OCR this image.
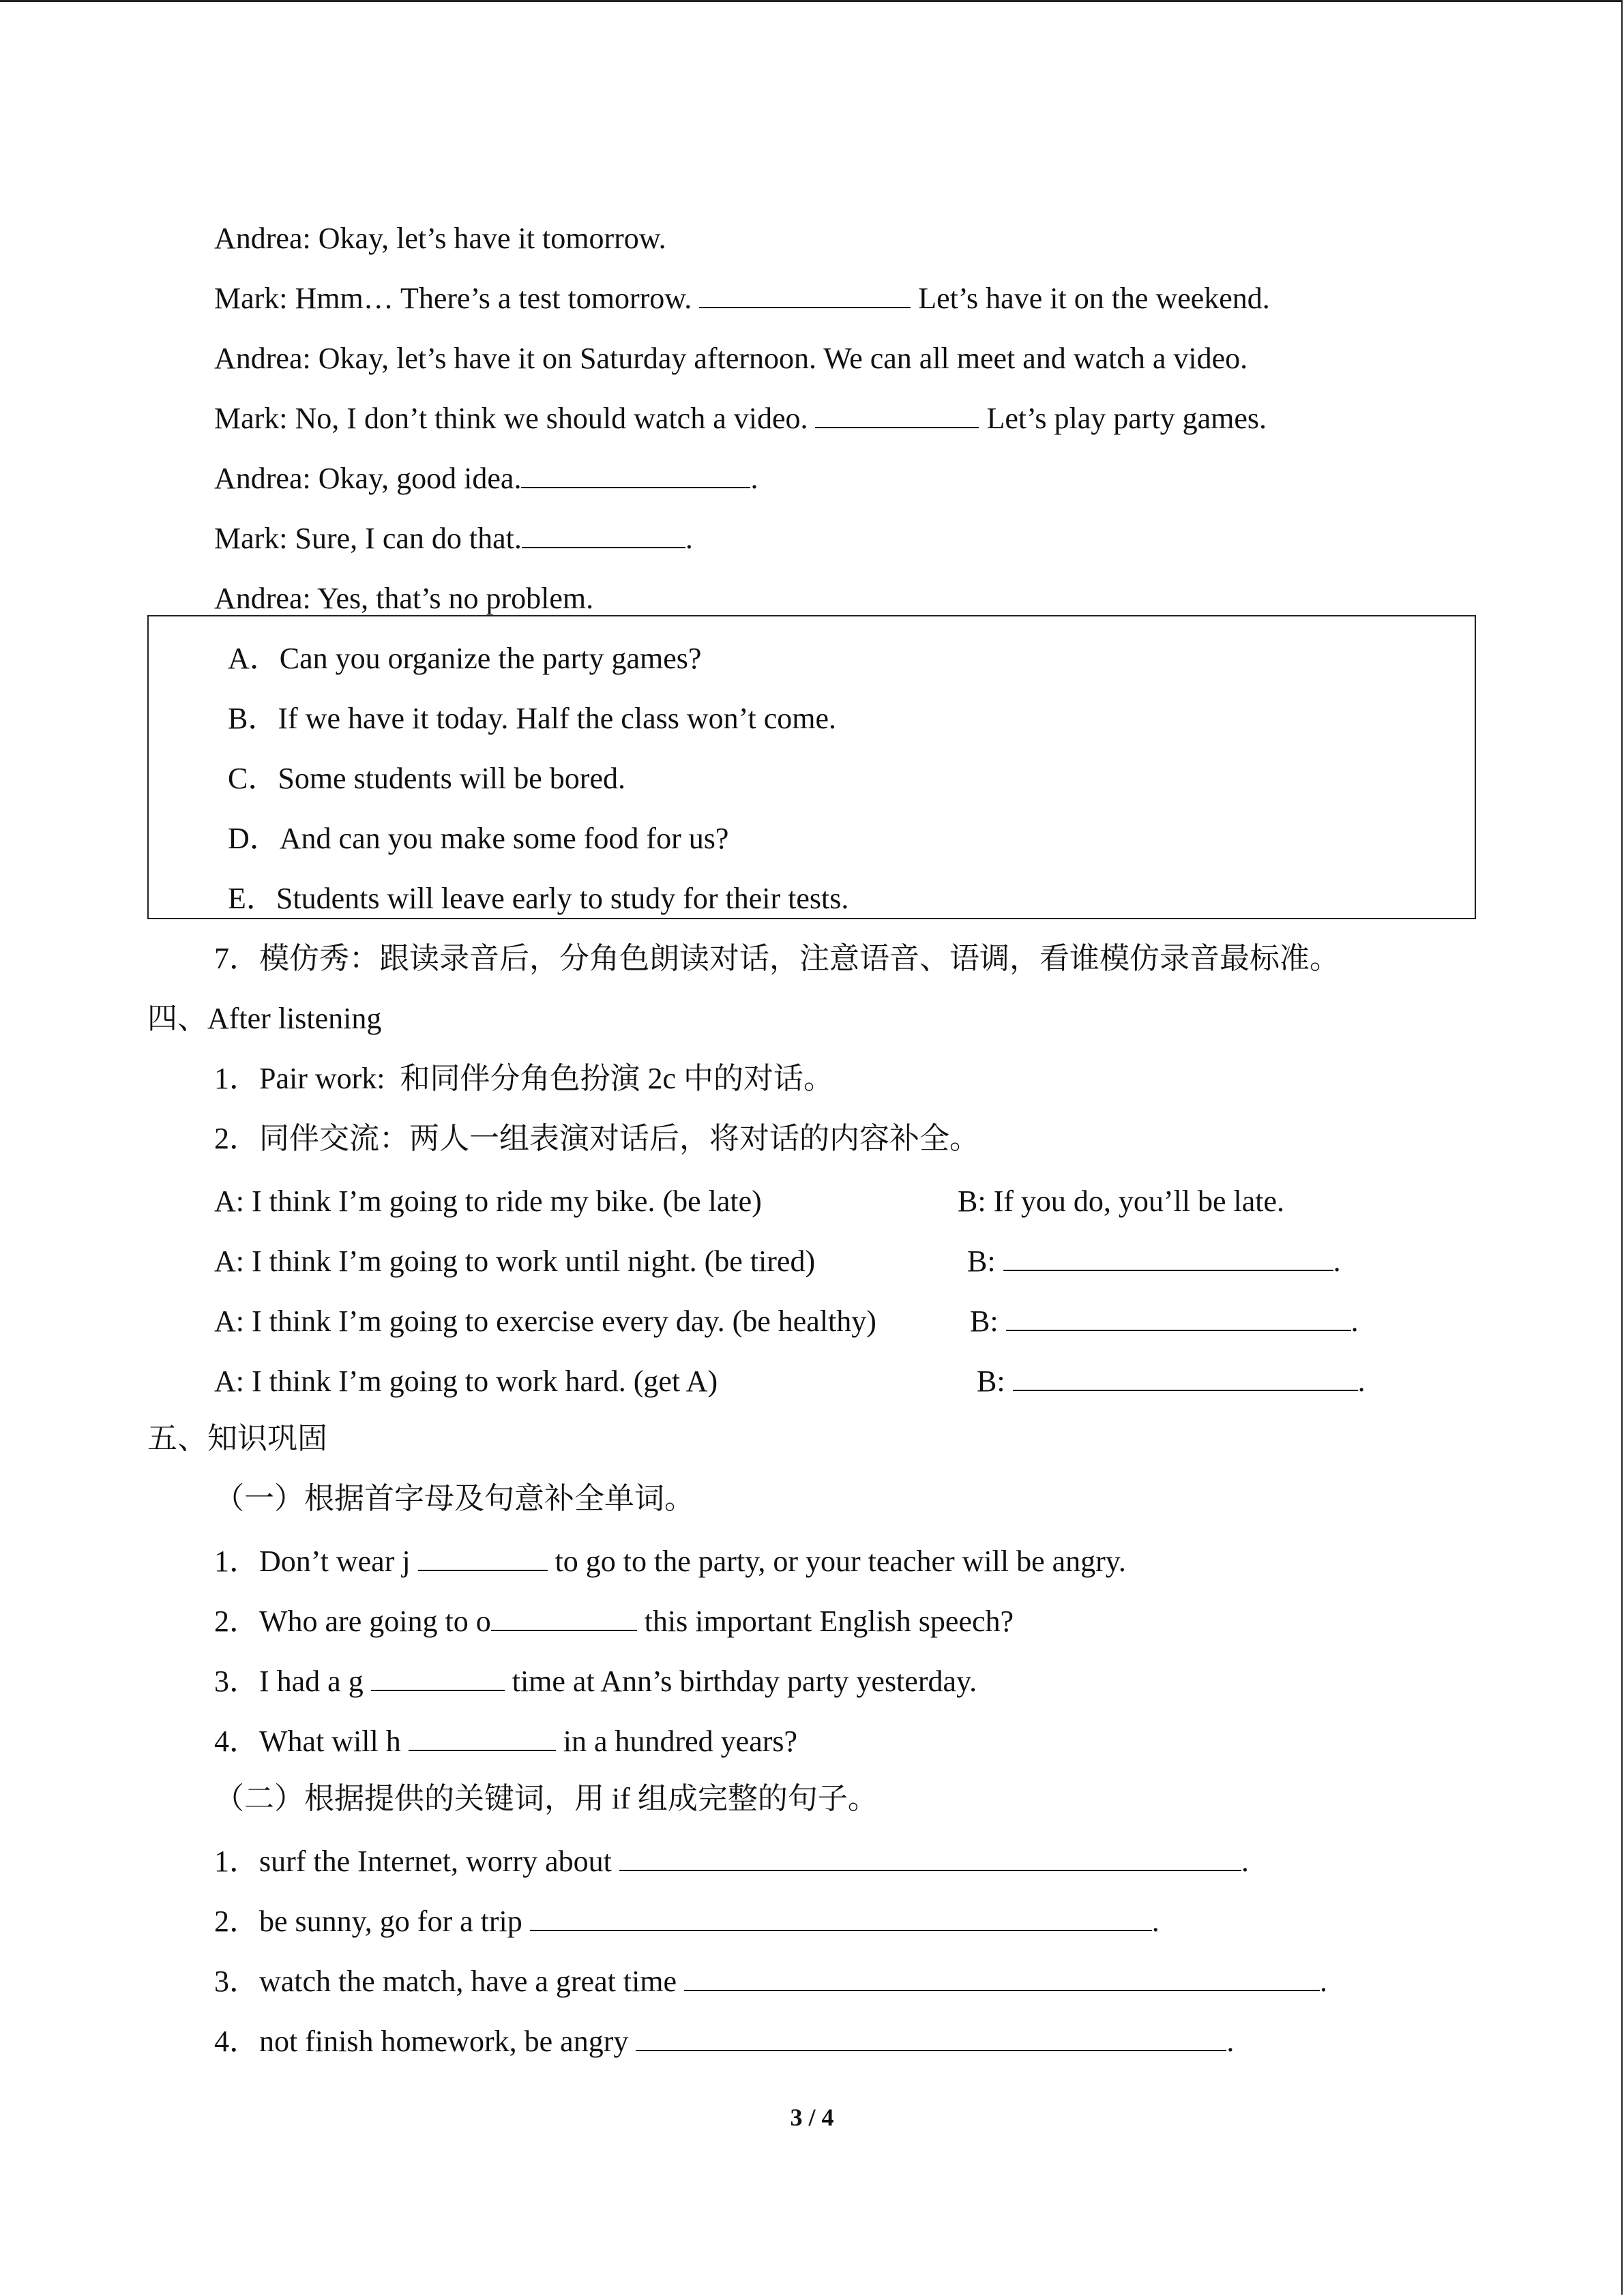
Andrea: Okay, let’s have it tomorrow.
Mark: Hmm… There’s a test tomorrow.	Let’s have it on the weekend.
Andrea: Okay, let’s have it on Saturday afternoon. We can all meet and watch a video.
Mark: No, I don’t think we should watch a video.	Let’s play party games.
Andrea: Okay, good idea.	.
Mark: Sure, I can do that.	.
Andrea: Yes, that’s no problem.
A．Can you organize the party games?
B．If we have it today. Half the class won’t come.
C．Some students will be bored.
D．And can you make some food for us?
E．Students will leave early to study for their tests.
7．模仿秀：跟读录音后，分角色朗读对话，注意语音、语调，看谁模仿录音最标准。
四、After listening
1．Pair work:  和同伴分角色扮演 2c 中的对话。
2．同伴交流：两人一组表演对话后，将对话的内容补全。
A: I think I’m going to ride my bike. (be late)	B: If you do, you’ll be late.
A: I think I’m going to work until night. (be tired)	B:	.
A: I think I’m going to exercise every day. (be healthy)	B:	.
A: I think I’m going to work hard. (get A)	B:	.
五、知识巩固
（一）根据首字母及句意补全单词。
1．Don’t wear j	to go to the party, or your teacher will be angry.
2．Who are going to o	this important English speech?
3．I had a g	time at Ann’s birthday party yesterday.
4．What will h	in a hundred years?
（二）根据提供的关键词，用 if 组成完整的句子。
1．surf the Internet, worry about	.
2．be sunny, go for a trip	.
3．watch the match, have a great time	.
4．not finish homework, be angry	.
3 / 4
